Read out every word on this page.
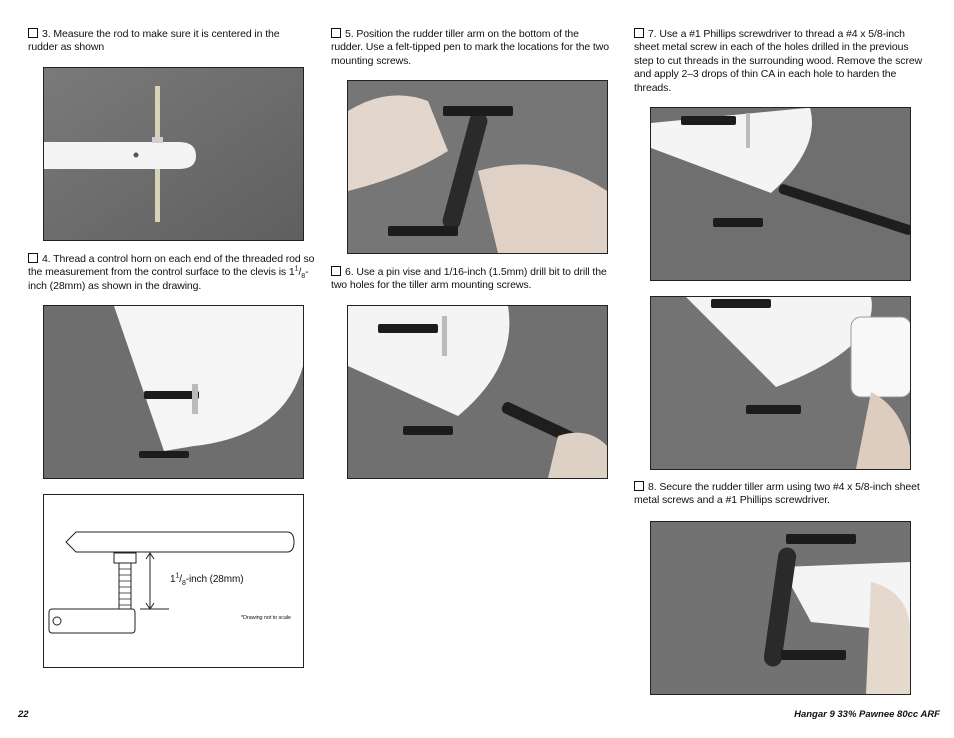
3. Measure the rod to make sure it is centered in the rudder as shown
4. Thread a control horn on each end of the threaded rod so the measurement from the control surface to the clevis is $1^1/_8$-inch (28mm) as shown in the drawing.
$1^1/_8$-inch (28mm)
*Drawing not to scale
5. Position the rudder tiller arm on the bottom of the rudder. Use a felt-tipped pen to mark the locations for the two mounting screws.
6. Use a pin vise and 1/16-inch (1.5mm) drill bit to drill the two holes for the tiller arm mounting screws.
7. Use a #1 Phillips screwdriver to thread a #4 x 5/8-inch sheet metal screw in each of the holes drilled in the previous step to cut threads in the surrounding wood. Remove the screw and apply 2–3 drops of thin CA in each hole to harden the threads.
8. Secure the rudder tiller arm using two #4 x 5/8-inch sheet metal screws and a #1 Phillips screwdriver.
22	Hangar 9 33% Pawnee 80cc ARF
